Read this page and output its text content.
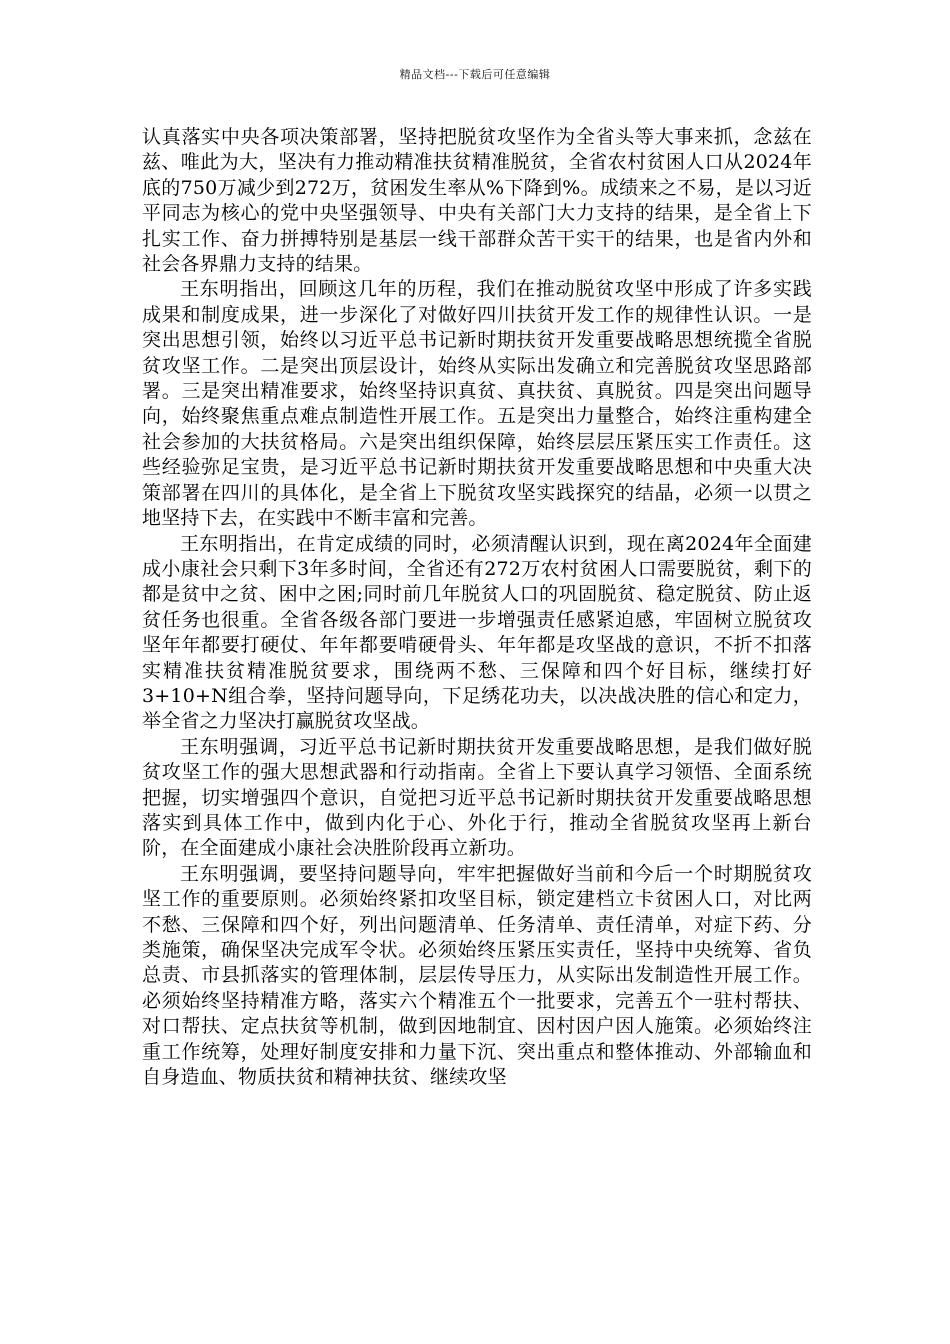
精品文档---下载后可任意编辑

认真落实中央各项决策部署，坚持把脱贫攻坚作为全省头等大事来抓，念兹在兹、唯此为大，坚决有力推动精准扶贫精准脱贫，全省农村贫困人口从2024年底的750万减少到272万，贫困发生率从%下降到%。成绩来之不易，是以习近平同志为核心的党中央坚强领导、中央有关部门大力支持的结果，是全省上下扎实工作、奋力拼搏特别是基层一线干部群众苦干实干的结果，也是省内外和社会各界鼎力支持的结果。

王东明指出，回顾这几年的历程，我们在推动脱贫攻坚中形成了许多实践成果和制度成果，进一步深化了对做好四川扶贫开发工作的规律性认识。一是突出思想引领，始终以习近平总书记新时期扶贫开发重要战略思想统揽全省脱贫攻坚工作。二是突出顶层设计，始终从实际出发确立和完善脱贫攻坚思路部署。三是突出精准要求，始终坚持识真贫、真扶贫、真脱贫。四是突出问题导向，始终聚焦重点难点制造性开展工作。五是突出力量整合，始终注重构建全社会参加的大扶贫格局。六是突出组织保障，始终层层压紧压实工作责任。这些经验弥足宝贵，是习近平总书记新时期扶贫开发重要战略思想和中央重大决策部署在四川的具体化，是全省上下脱贫攻坚实践探究的结晶，必须一以贯之地坚持下去，在实践中不断丰富和完善。

王东明指出，在肯定成绩的同时，必须清醒认识到，现在离2024年全面建成小康社会只剩下3年多时间，全省还有272万农村贫困人口需要脱贫，剩下的都是贫中之贫、困中之困;同时前几年脱贫人口的巩固脱贫、稳定脱贫、防止返贫任务也很重。全省各级各部门要进一步增强责任感紧迫感，牢固树立脱贫攻坚年年都要打硬仗、年年都要啃硬骨头、年年都是攻坚战的意识，不折不扣落实精准扶贫精准脱贫要求，围绕两不愁、三保障和四个好目标，继续打好3+10+N组合拳，坚持问题导向，下足绣花功夫，以决战决胜的信心和定力，举全省之力坚决打赢脱贫攻坚战。

王东明强调，习近平总书记新时期扶贫开发重要战略思想，是我们做好脱贫攻坚工作的强大思想武器和行动指南。全省上下要认真学习领悟、全面系统把握，切实增强四个意识，自觉把习近平总书记新时期扶贫开发重要战略思想落实到具体工作中，做到内化于心、外化于行，推动全省脱贫攻坚再上新台阶，在全面建成小康社会决胜阶段再立新功。

王东明强调，要坚持问题导向，牢牢把握做好当前和今后一个时期脱贫攻坚工作的重要原则。必须始终紧扣攻坚目标，锁定建档立卡贫困人口，对比两不愁、三保障和四个好，列出问题清单、任务清单、责任清单，对症下药、分类施策，确保坚决完成军令状。必须始终压紧压实责任，坚持中央统筹、省负总责、市县抓落实的管理体制，层层传导压力，从实际出发制造性开展工作。必须始终坚持精准方略，落实六个精准五个一批要求，完善五个一驻村帮扶、对口帮扶、定点扶贫等机制，做到因地制宜、因村因户因人施策。必须始终注重工作统筹，处理好制度安排和力量下沉、突出重点和整体推动、外部输血和自身造血、物质扶贫和精神扶贫、继续攻坚
